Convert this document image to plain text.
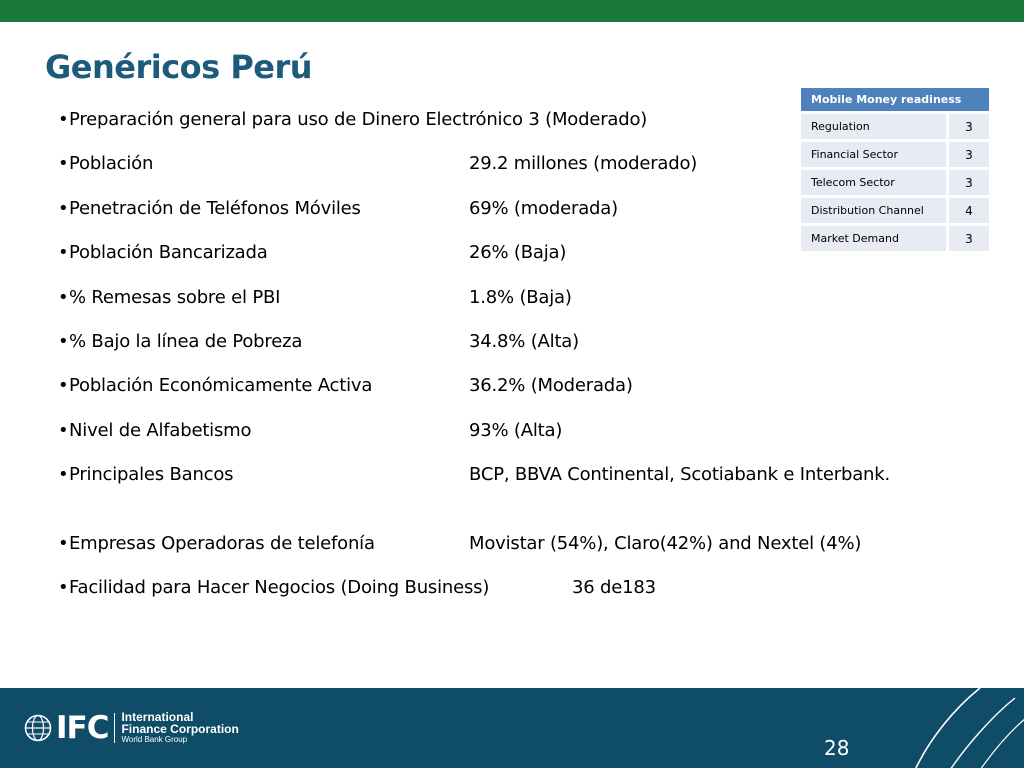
Genéricos Perú
•Preparación general para uso de Dinero Electrónico 3 (Moderado)
•Población	29.2 millones (moderado)
•Penetración de Teléfonos Móviles	69% (moderada)
•Población Bancarizada	26% (Baja)
•% Remesas sobre el PBI	1.8% (Baja)
•% Bajo la línea de Pobreza	34.8% (Alta)
•Población Económicamente Activa	36.2% (Moderada)
•Nivel de Alfabetismo	93% (Alta)
•Principales Bancos	BCP, BBVA Continental, Scotiabank e Interbank.
•Empresas Operadoras de telefonía	Movistar (54%), Claro(42%) and Nextel (4%)
•Facilidad para Hacer Negocios (Doing Business)	36 de183
Mobile Money readiness	
Regulation	3
Financial Sector	3
Telecom Sector	3
Distribution Channel	4
Market Demand	3
IFC International
Finance Corporation
World Bank Group	28
